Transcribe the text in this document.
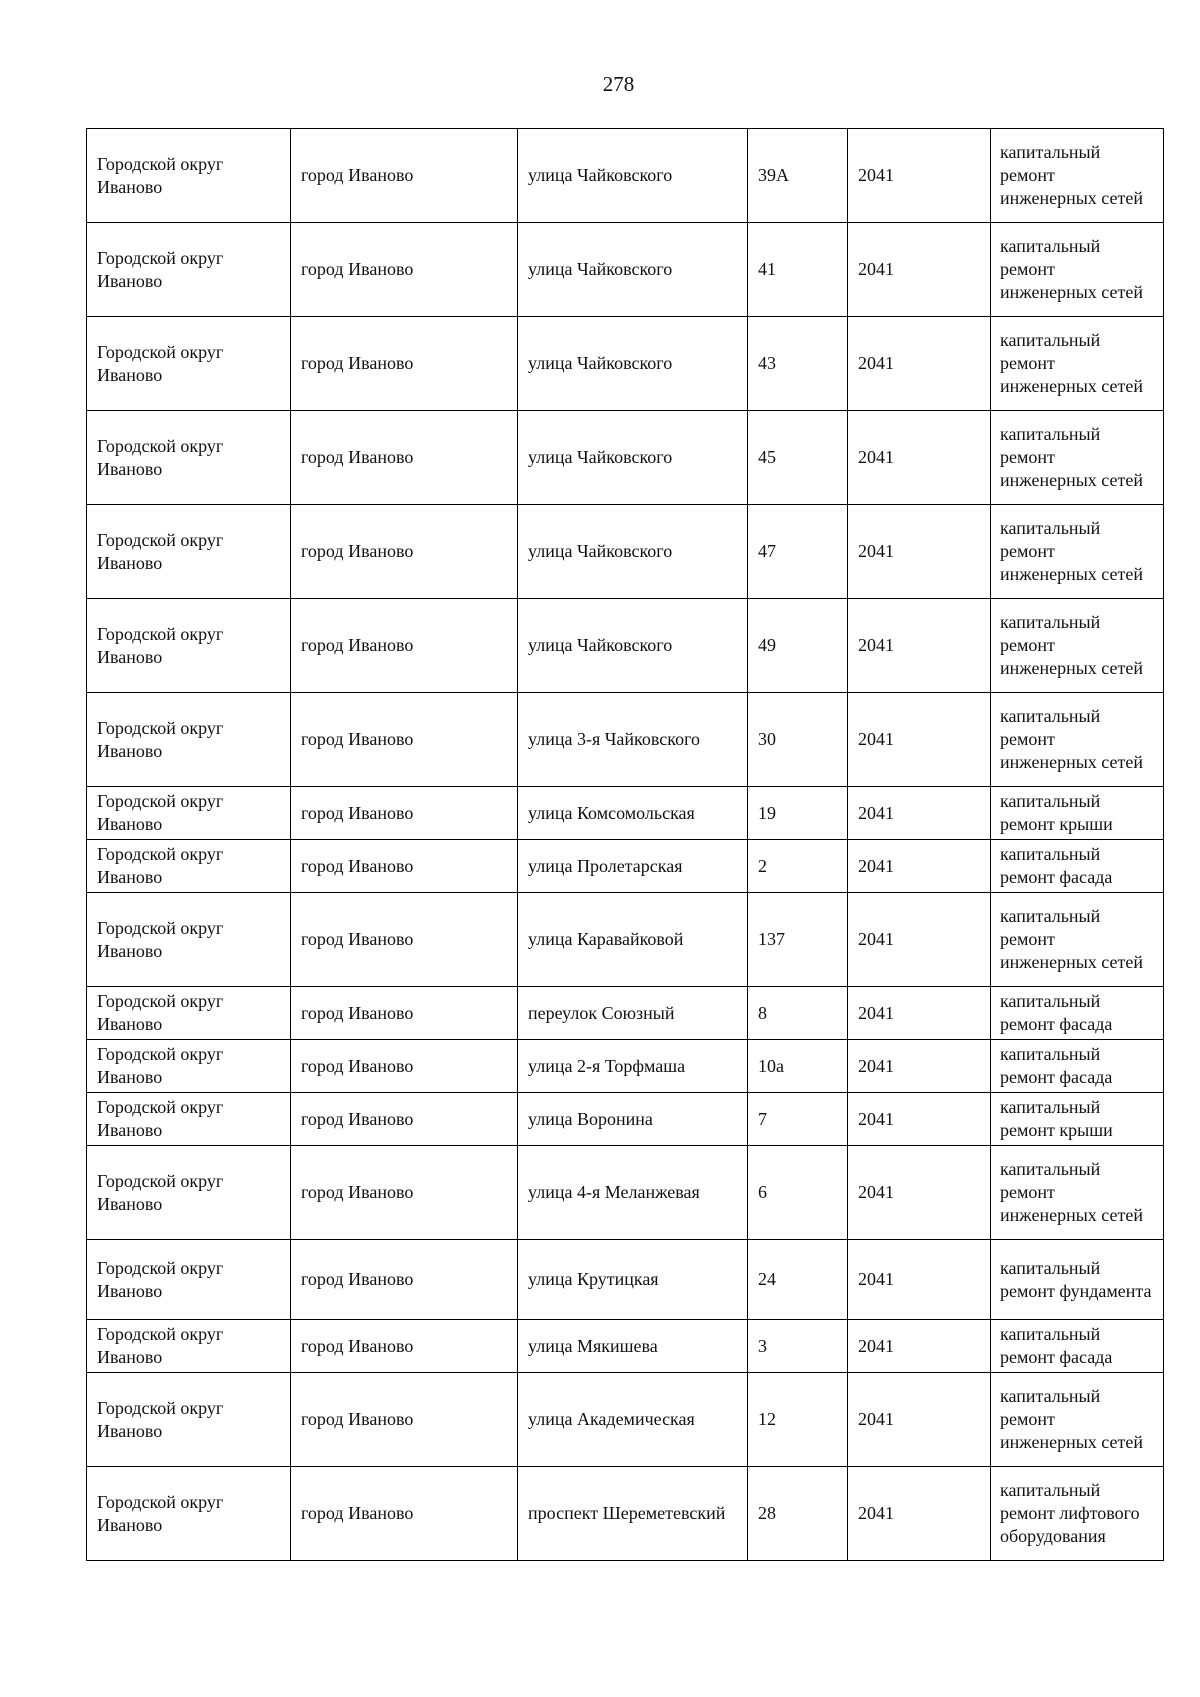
278
Городской округ Иваново	город Иваново	улица Чайковского	39А	2041	капитальный ремонт инженерных сетей
Городской округ Иваново	город Иваново	улица Чайковского	41	2041	капитальный ремонт инженерных сетей
Городской округ Иваново	город Иваново	улица Чайковского	43	2041	капитальный ремонт инженерных сетей
Городской округ Иваново	город Иваново	улица Чайковского	45	2041	капитальный ремонт инженерных сетей
Городской округ Иваново	город Иваново	улица Чайковского	47	2041	капитальный ремонт инженерных сетей
Городской округ Иваново	город Иваново	улица Чайковского	49	2041	капитальный ремонт инженерных сетей
Городской округ Иваново	город Иваново	улица 3-я Чайковского	30	2041	капитальный ремонт инженерных сетей
Городской округ Иваново	город Иваново	улица Комсомольская	19	2041	капитальный ремонт крыши
Городской округ Иваново	город Иваново	улица Пролетарская	2	2041	капитальный ремонт фасада
Городской округ Иваново	город Иваново	улица Каравайковой	137	2041	капитальный ремонт инженерных сетей
Городской округ Иваново	город Иваново	переулок Союзный	8	2041	капитальный ремонт фасада
Городской округ Иваново	город Иваново	улица 2-я Торфмаша	10а	2041	капитальный ремонт фасада
Городской округ Иваново	город Иваново	улица Воронина	7	2041	капитальный ремонт крыши
Городской округ Иваново	город Иваново	улица 4-я Меланжевая	6	2041	капитальный ремонт инженерных сетей
Городской округ Иваново	город Иваново	улица Крутицкая	24	2041	капитальный ремонт фундамента
Городской округ Иваново	город Иваново	улица Мякишева	3	2041	капитальный ремонт фасада
Городской округ Иваново	город Иваново	улица Академическая	12	2041	капитальный ремонт инженерных сетей
Городской округ Иваново	город Иваново	проспект Шереметевский	28	2041	капитальный ремонт лифтового оборудования
